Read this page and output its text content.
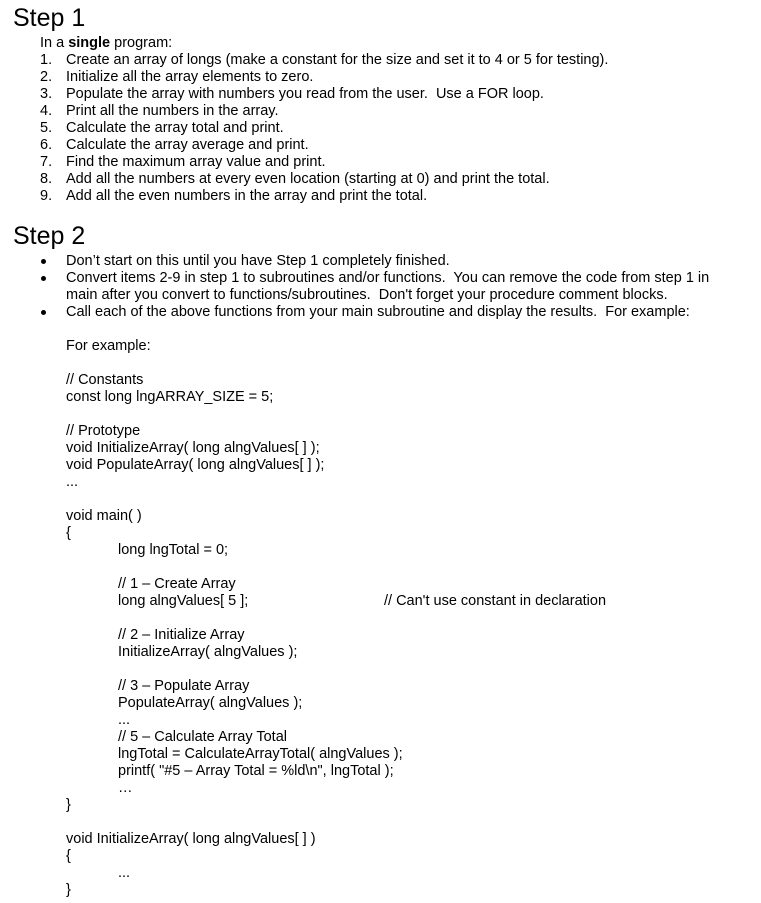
Step 1
In a single program:
1. Create an array of longs (make a constant for the size and set it to 4 or 5 for testing).
2. Initialize all the array elements to zero.
3. Populate the array with numbers you read from the user.  Use a FOR loop.
4. Print all the numbers in the array.
5. Calculate the array total and print.
6. Calculate the array average and print.
7. Find the maximum array value and print.
8. Add all the numbers at every even location (starting at 0) and print the total.
9. Add all the even numbers in the array and print the total.
Step 2
Don’t start on this until you have Step 1 completely finished.
Convert items 2-9 in step 1 to subroutines and/or functions.  You can remove the code from step 1 in
main after you convert to functions/subroutines.  Don't forget your procedure comment blocks.
Call each of the above functions from your main subroutine and display the results.  For example:
For example:
// Constants
const long lngARRAY_SIZE = 5;
// Prototype
void InitializeArray( long alngValues[ ] );
void PopulateArray( long alngValues[ ] );
...
void main( )
{
long lngTotal = 0;
// 1 – Create Array
long alngValues[ 5 ];	// Can't use constant in declaration
// 2 – Initialize Array
InitializeArray( alngValues );
// 3 – Populate Array
PopulateArray( alngValues );
...
// 5 – Calculate Array Total
lngTotal = CalculateArrayTotal( alngValues );
printf( "#5 – Array Total = %ld\n", lngTotal );
…
}
void InitializeArray( long alngValues[ ] )
{
...
}
